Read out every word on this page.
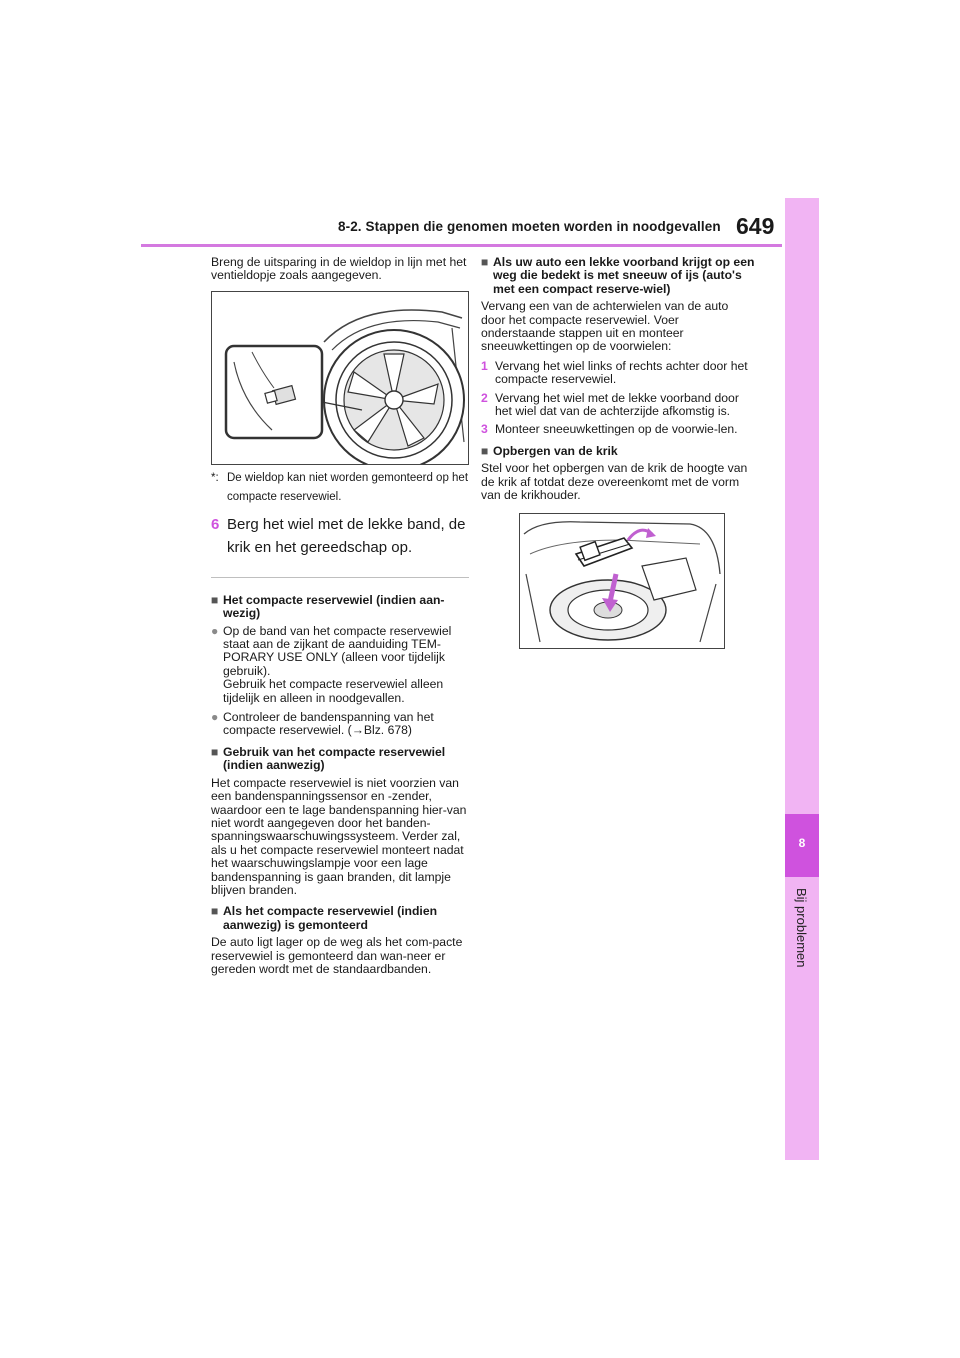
8-2. Stappen die genomen moeten worden in noodgevallen 649
8
Bij problemen

Breng de uitsparing in de wieldop in lijn met het ventieldopje zoals aangegeven.

*: De wieldop kan niet worden gemonteerd op het compacte reservewiel.
6 Berg het wiel met de lekke band, de krik en het gereedschap op.
■ Het compacte reservewiel (indien aan-wezig)
● Op de band van het compacte reservewiel staat aan de zijkant de aanduiding TEM-PORARY USE ONLY (alleen voor tijdelijk gebruik).
Gebruik het compacte reservewiel alleen tijdelijk en alleen in noodgevallen.
● Controleer de bandenspanning van het compacte reservewiel. (→Blz. 678)
■ Gebruik van het compacte reservewiel (indien aanwezig)

Het compacte reservewiel is niet voorzien van een bandenspanningssensor en -zender, waardoor een te lage bandenspanning hier-van niet wordt aangegeven door het banden-spanningswaarschuwingssysteem. Verder zal, als u het compacte reservewiel monteert nadat het waarschuwingslampje voor een lage bandenspanning is gaan branden, dit lampje blijven branden.

■ Als het compacte reservewiel (indien aanwezig) is gemonteerd

De auto ligt lager op de weg als het com-pacte reservewiel is gemonteerd dan wan-neer er gereden wordt met de standaardbanden.

■ Als uw auto een lekke voorband krijgt op een weg die bedekt is met sneeuw of ijs (auto's met een compact reserve-wiel)

Vervang een van de achterwielen van de auto door het compacte reservewiel. Voer onderstaande stappen uit en monteer sneeuwkettingen op de voorwielen:

1 Vervang het wiel links of rechts achter door het compacte reservewiel.
2 Vervang het wiel met de lekke voorband door het wiel dat van de achterzijde afkomstig is.
3 Monteer sneeuwkettingen op de voorwie-len.
■ Opbergen van de krik

Stel voor het opbergen van de krik de hoogte van de krik af totdat deze overeenkomt met de vorm van de krikhouder.
